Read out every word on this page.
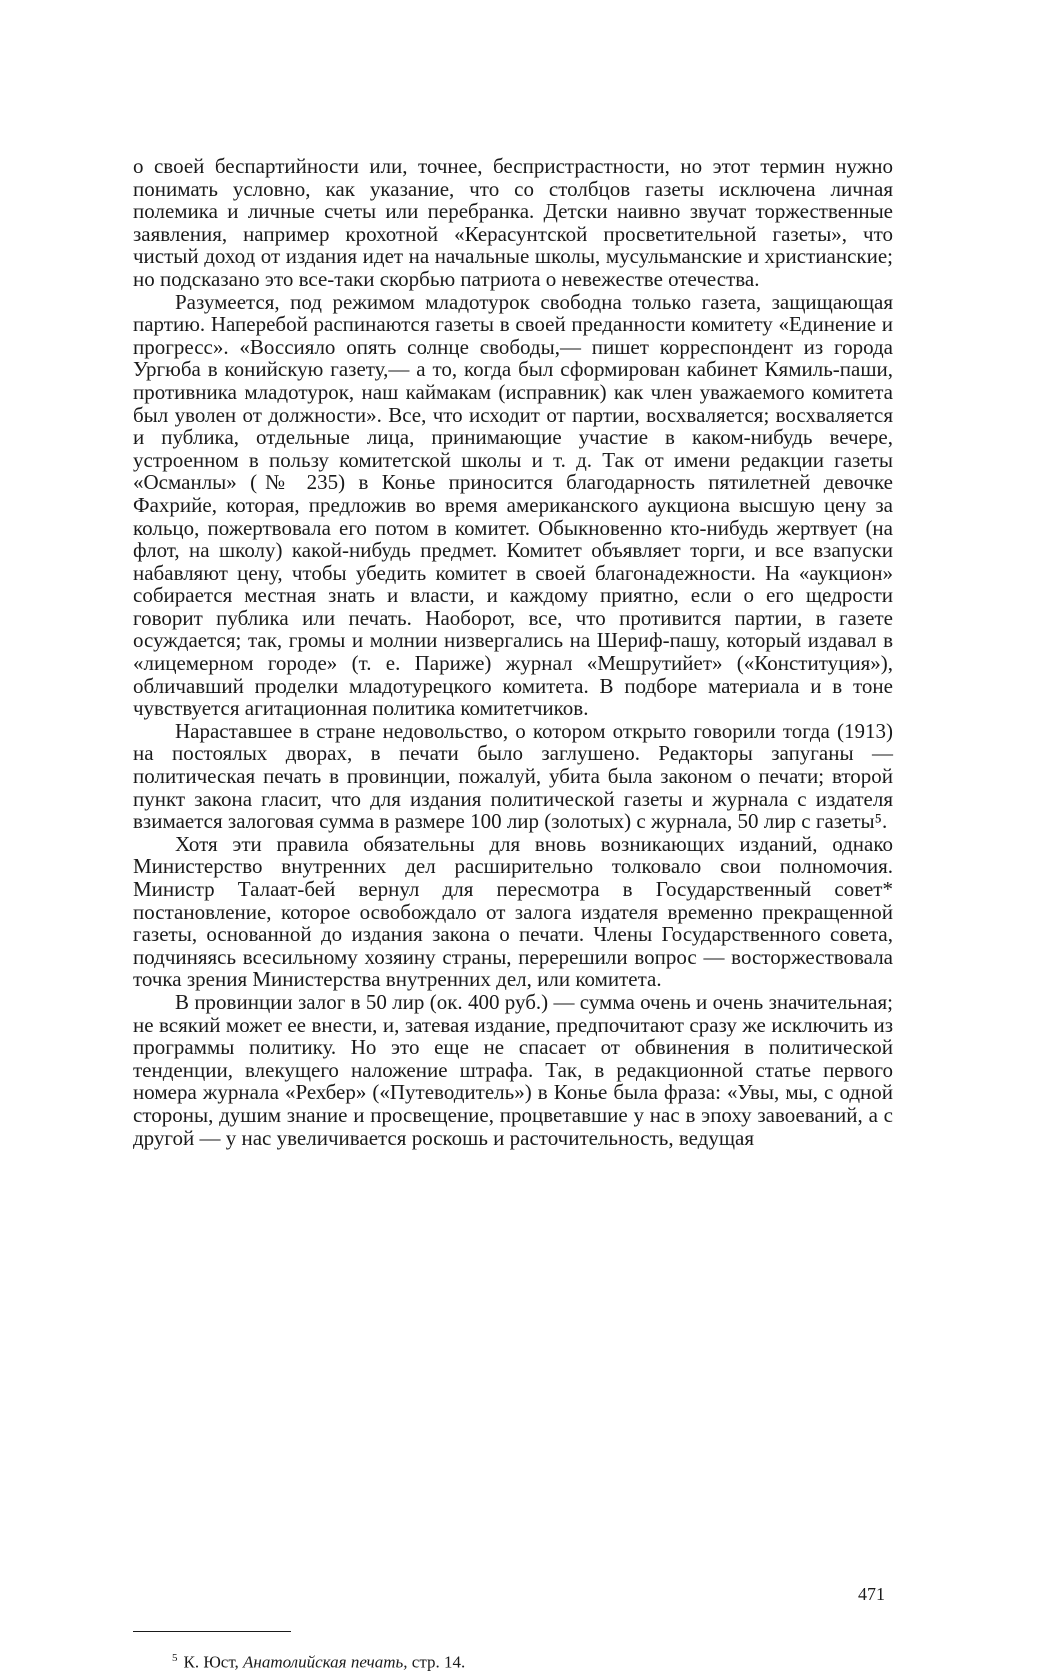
о своей беспартийности или, точнее, беспристрастности, но этот термин нужно понимать условно, как указание, что со столбцов газеты исключена личная полемика и личные счеты или перебранка. Детски наивно звучат торжественные заявления, например крохотной «Керасунтской просветительной газеты», что чистый доход от издания идет на начальные школы, мусульманские и христианские; но подсказано это все-таки скорбью патриота о невежестве отечества.

Разумеется, под режимом младотурок свободна только газета, защищающая партию. Наперебой распинаются газеты в своей преданности комитету «Единение и прогресс». «Воссияло опять солнце свободы,— пишет корреспондент из города Ургюба в конийскую газету,— а то, когда был сформирован кабинет Кямиль-паши, противника младотурок, наш каймакам (исправник) как член уважаемого комитета был уволен от должности». Все, что исходит от партии, восхваляется; восхваляется и публика, отдельные лица, принимающие участие в каком-нибудь вечере, устроенном в пользу комитетской школы и т. д. Так от имени редакции газеты «Османлы» (№ 235) в Конье приносится благодарность пятилетней девочке Фахрийе, которая, предложив во время американского аукциона высшую цену за кольцо, пожертвовала его потом в комитет. Обыкновенно кто-нибудь жертвует (на флот, на школу) какой-нибудь предмет. Комитет объявляет торги, и все взапуски набавляют цену, чтобы убедить комитет в своей благонадежности. На «аукцион» собирается местная знать и власти, и каждому приятно, если о его щедрости говорит публика или печать. Наоборот, все, что противится партии, в газете осуждается; так, громы и молнии низвергались на Шериф-пашу, который издавал в «лицемерном городе» (т. е. Париже) журнал «Мешрутийет» («Конституция»), обличавший проделки младотурецкого комитета. В подборе материала и в тоне чувствуется агитационная политика комитетчиков.

Нараставшее в стране недовольство, о котором открыто говорили тогда (1913) на постоялых дворах, в печати было заглушено. Редакторы запуганы — политическая печать в провинции, пожалуй, убита была законом о печати; второй пункт закона гласит, что для издания политической газеты и журнала с издателя взимается залоговая сумма в размере 100 лир (золотых) с журнала, 50 лир с газеты⁵.

Хотя эти правила обязательны для вновь возникающих изданий, однако Министерство внутренних дел расширительно толковало свои полномочия. Министр Талаат-бей вернул для пересмотра в Государственный совет* постановление, которое освобождало от залога издателя временно прекращенной газеты, основанной до издания закона о печати. Члены Государственного совета, подчиняясь всесильному хозяину страны, перерешили вопрос — восторжествовала точка зрения Министерства внутренних дел, или комитета.

В провинции залог в 50 лир (ок. 400 руб.) — сумма очень и очень значительная; не всякий может ее внести, и, затевая издание, предпочитают сразу же исключить из программы политику. Но это еще не спасает от обвинения в политической тенденции, влекущего наложение штрафа. Так, в редакционной статье первого номера журнала «Рехбер» («Путеводитель») в Конье была фраза: «Увы, мы, с одной стороны, душим знание и просвещение, процветавшие у нас в эпоху завоеваний, а с другой — у нас увеличивается роскошь и расточительность, ведущая

$^5$ К. Юст, Анатолийская печать, стр. 14.
471
